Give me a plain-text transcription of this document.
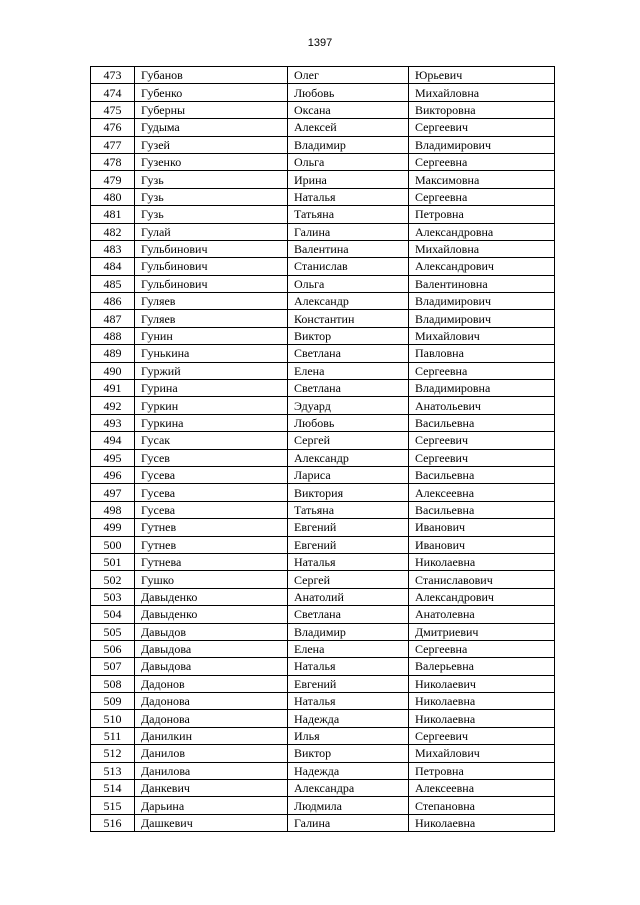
1397
473	Губанов	Олег	Юрьевич
474	Губенко	Любовь	Михайловна
475	Губерны	Оксана	Викторовна
476	Гудыма	Алексей	Сергеевич
477	Гузей	Владимир	Владимирович
478	Гузенко	Ольга	Сергеевна
479	Гузь	Ирина	Максимовна
480	Гузь	Наталья	Сергеевна
481	Гузь	Татьяна	Петровна
482	Гулай	Галина	Александровна
483	Гульбинович	Валентина	Михайловна
484	Гульбинович	Станислав	Александрович
485	Гульбинович	Ольга	Валентиновна
486	Гуляев	Александр	Владимирович
487	Гуляев	Константин	Владимирович
488	Гунин	Виктор	Михайлович
489	Гунькина	Светлана	Павловна
490	Гуржий	Елена	Сергеевна
491	Гурина	Светлана	Владимировна
492	Гуркин	Эдуард	Анатольевич
493	Гуркина	Любовь	Васильевна
494	Гусак	Сергей	Сергеевич
495	Гусев	Александр	Сергеевич
496	Гусева	Лариса	Васильевна
497	Гусева	Виктория	Алексеевна
498	Гусева	Татьяна	Васильевна
499	Гутнев	Евгений	Иванович
500	Гутнев	Евгений	Иванович
501	Гутнева	Наталья	Николаевна
502	Гушко	Сергей	Станиславович
503	Давыденко	Анатолий	Александрович
504	Давыденко	Светлана	Анатолевна
505	Давыдов	Владимир	Дмитриевич
506	Давыдова	Елена	Сергеевна
507	Давыдова	Наталья	Валерьевна
508	Дадонов	Евгений	Николаевич
509	Дадонова	Наталья	Николаевна
510	Дадонова	Надежда	Николаевна
511	Данилкин	Илья	Сергеевич
512	Данилов	Виктор	Михайлович
513	Данилова	Надежда	Петровна
514	Данкевич	Александра	Алексеевна
515	Дарьина	Людмила	Степановна
516	Дашкевич	Галина	Николаевна
